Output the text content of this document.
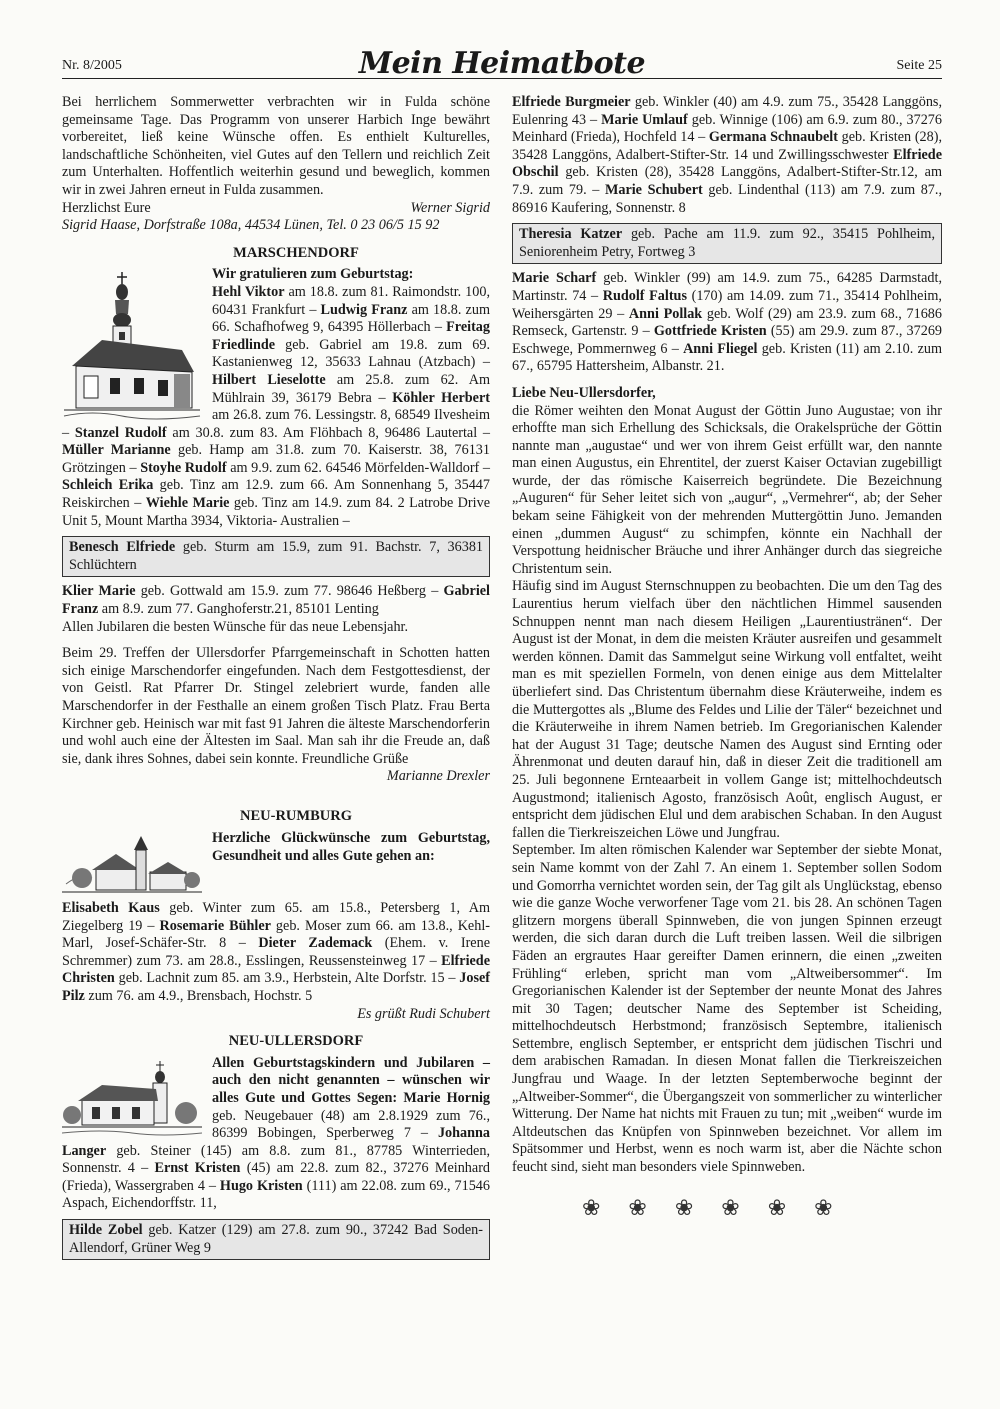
Nr. 8/2005	Mein Heimatbote	Seite 25

Bei herrlichem Sommerwetter verbrachten wir in Fulda schöne gemeinsame Tage. Das Programm von unserer Harbich Inge bewährt vorbereitet, ließ keine Wünsche offen. Es enthielt Kulturelles, landschaftliche Schönheiten, viel Gutes auf den Tellern und reichlich Zeit zum Unterhalten. Hoffentlich weiterhin gesund und beweglich, kommen wir in zwei Jahren erneut in Fulda zusammen.

Herzlichst Eure	Werner Sigrid

Sigrid Haase, Dorfstraße 108a, 44534 Lünen, Tel. 0 23 06/5 15 92

MARSCHENDORF

Wir gratulieren zum Geburtstag:
Hehl Viktor am 18.8. zum 81. Raimondstr. 100, 60431 Frankfurt – Ludwig Franz am 18.8. zum 66. Schafhofweg 9, 64395 Höllerbach – Freitag Friedlinde geb. Gabriel am 19.8. zum 69. Kastanienweg 12, 35633 Lahnau (Atzbach) – Hilbert Lieselotte am 25.8. zum 62. Am Mühlrain 39, 36179 Bebra – Köhler Herbert am 26.8. zum 76. Lessingstr. 8, 68549 Ilvesheim – Stanzel Rudolf am 30.8. zum 83. Am Flöhbach 8, 96486 Lautertal – Müller Marianne geb. Hamp am 31.8. zum 70. Kaiserstr. 38, 76131 Grötzingen – Stoyhe Rudolf am 9.9. zum 62. 64546 Mörfelden-Walldorf – Schleich Erika geb. Tinz am 12.9. zum 66. Am Sonnenhang 5, 35447 Reiskirchen – Wiehle Marie geb. Tinz am 14.9. zum 84. 2 Latrobe Drive Unit 5, Mount Martha 3934, Viktoria- Australien –

Benesch Elfriede geb. Sturm am 15.9, zum 91. Bachstr. 7, 36381 Schlüchtern

Klier Marie geb. Gottwald am 15.9. zum 77. 98646 Heßberg – Gabriel Franz am 8.9. zum 77. Ganghoferstr.21, 85101 Lenting

Allen Jubilaren die besten Wünsche für das neue Lebensjahr.

Beim 29. Treffen der Ullersdorfer Pfarrgemeinschaft in Schotten hatten sich einige Marschendorfer eingefunden. Nach dem Festgottesdienst, der von Geistl. Rat Pfarrer Dr. Stingel zelebriert wurde, fanden alle Marschendorfer in der Festhalle an einem großen Tisch Platz. Frau Berta Kirchner geb. Heinisch war mit fast 91 Jahren die älteste Marschendorferin und wohl auch eine der Ältesten im Saal. Man sah ihr die Freude an, daß sie, dank ihres Sohnes, dabei sein konnte. Freundliche Grüße
Marianne Drexler

NEU-RUMBURG

Herzliche Glückwünsche zum Geburtstag, Gesundheit und alles Gute gehen an:

Elisabeth Kaus geb. Winter zum 65. am 15.8., Petersberg 1, Am Ziegelberg 19 – Rosemarie Bühler geb. Moser zum 66. am 13.8., Kehl-Marl, Josef-Schäfer-Str. 8 – Dieter Zademack (Ehem. v. Irene Schremmer) zum 73. am 28.8., Esslingen, Reussensteinweg 17 – Elfriede Christen geb. Lachnit zum 85. am 3.9., Herbstein, Alte Dorfstr. 15 – Josef Pilz zum 76. am 4.9., Brensbach, Hochstr. 5

Es grüßt Rudi Schubert

NEU-ULLERSDORF

Allen Geburtstagskindern und Jubilaren – auch den nicht genannten – wünschen wir alles Gute und Gottes Segen: Marie Hornig geb. Neugebauer (48) am 2.8.1929 zum 76., 86399 Bobingen, Sperberweg 7 – Johanna Langer geb. Steiner (145) am 8.8. zum 81., 87785 Winterrieden, Sonnenstr. 4 – Ernst Kristen (45) am 22.8. zum 82., 37276 Meinhard (Frieda), Wassergraben 4 – Hugo Kristen (111) am 22.08. zum 69., 71546 Aspach, Eichendorffstr. 11,

Hilde Zobel geb. Katzer (129) am 27.8. zum 90., 37242 Bad Soden-Allendorf, Grüner Weg 9

Elfriede Burgmeier geb. Winkler (40) am 4.9. zum 75., 35428 Langgöns, Eulenring 43 – Marie Umlauf geb. Winnige (106) am 6.9. zum 80., 37276 Meinhard (Frieda), Hochfeld 14 – Germana Schnaubelt geb. Kristen (28), 35428 Langgöns, Adalbert-Stifter-Str. 14 und Zwillingsschwester Elfriede Obschil geb. Kristen (28), 35428 Langgöns, Adalbert-Stifter-Str.12, am 7.9. zum 79. – Marie Schubert geb. Lindenthal (113) am 7.9. zum 87., 86916 Kaufering, Sonnenstr. 8

Theresia Katzer geb. Pache am 11.9. zum 92., 35415 Pohlheim, Seniorenheim Petry, Fortweg 3

Marie Scharf geb. Winkler (99) am 14.9. zum 75., 64285 Darmstadt, Martinstr. 74 – Rudolf Faltus (170) am 14.09. zum 71., 35414 Pohlheim, Weihersgärten 29 – Anni Pollak geb. Wolf (29) am 23.9. zum 68., 71686 Remseck, Gartenstr. 9 – Gottfriede Kristen (55) am 29.9. zum 87., 37269 Eschwege, Pommernweg 6 – Anni Fliegel geb. Kristen (11) am 2.10. zum 67., 65795 Hattersheim, Albanstr. 21.

Liebe Neu-Ullersdorfer,

die Römer weihten den Monat August der Göttin Juno Augustae; von ihr erhoffte man sich Erhellung des Schicksals, die Orakelsprüche der Göttin nannte man „augustae“ und wer von ihrem Geist erfüllt war, den nannte man einen Augustus, ein Ehrentitel, der zuerst Kaiser Octavian zugebilligt wurde, der das römische Kaiserreich begründete. Die Bezeichnung „Auguren“ für Seher leitet sich von „augur“, „Vermehrer“, ab; der Seher bekam seine Fähigkeit von der mehrenden Muttergöttin Juno. Jemanden einen „dummen August“ zu schimpfen, könnte ein Nachhall der Verspottung heidnischer Bräuche und ihrer Anhänger durch das siegreiche Christentum sein.

Häufig sind im August Sternschnuppen zu beobachten. Die um den Tag des Laurentius herum vielfach über den nächtlichen Himmel sausenden Schnuppen nennt man nach diesem Heiligen „Laurentiustränen“. Der August ist der Monat, in dem die meisten Kräuter ausreifen und gesammelt werden können. Damit das Sammelgut seine Wirkung voll entfaltet, weiht man es mit speziellen Formeln, von denen einige aus dem Mittelalter überliefert sind. Das Christentum übernahm diese Kräuterweihe, indem es die Muttergottes als „Blume des Feldes und Lilie der Täler“ bezeichnet und die Kräuterweihe in ihrem Namen betrieb. Im Gregorianischen Kalender hat der August 31 Tage; deutsche Namen des August sind Ernting oder Ährenmonat und deuten darauf hin, daß in dieser Zeit die traditionell am 25. Juli begonnene Ernteaarbeit in vollem Gange ist; mittelhochdeutsch Augustmond; italienisch Agosto, französisch Août, englisch August, er entspricht dem jüdischen Elul und dem arabischen Schaban. In den August fallen die Tierkreiszeichen Löwe und Jungfrau.

September. Im alten römischen Kalender war September der siebte Monat, sein Name kommt von der Zahl 7. An einem 1. September sollen Sodom und Gomorrha vernichtet worden sein, der Tag gilt als Unglückstag, ebenso wie die ganze Woche verworfener Tage vom 21. bis 28. An schönen Tagen glitzern morgens überall Spinnweben, die von jungen Spinnen erzeugt werden, die sich daran durch die Luft treiben lassen. Weil die silbrigen Fäden an ergrautes Haar gereifter Damen erinnern, die einen „zweiten Frühling“ erleben, spricht man vom „Altweibersommer“. Im Gregorianischen Kalender ist der September der neunte Monat des Jahres mit 30 Tagen; deutscher Name des September ist Scheiding, mittelhochdeutsch Herbstmond; französisch Septembre, italienisch Settembre, englisch September, er entspricht dem jüdischen Tischri und dem arabischen Ramadan. In diesen Monat fallen die Tierkreiszeichen Jungfrau und Waage. In der letzten Septemberwoche beginnt der „Altweiber-Sommer“, die Übergangszeit von sommerlicher zu winterlicher Witterung. Der Name hat nichts mit Frauen zu tun; mit „weiben“ wurde im Altdeutschen das Knüpfen von Spinnweben bezeichnet. Vor allem im Spätsommer und Herbst, wenn es noch warm ist, aber die Nächte schon feucht sind, sieht man besonders viele Spinnweben.

❀❀❀❀❀❀
